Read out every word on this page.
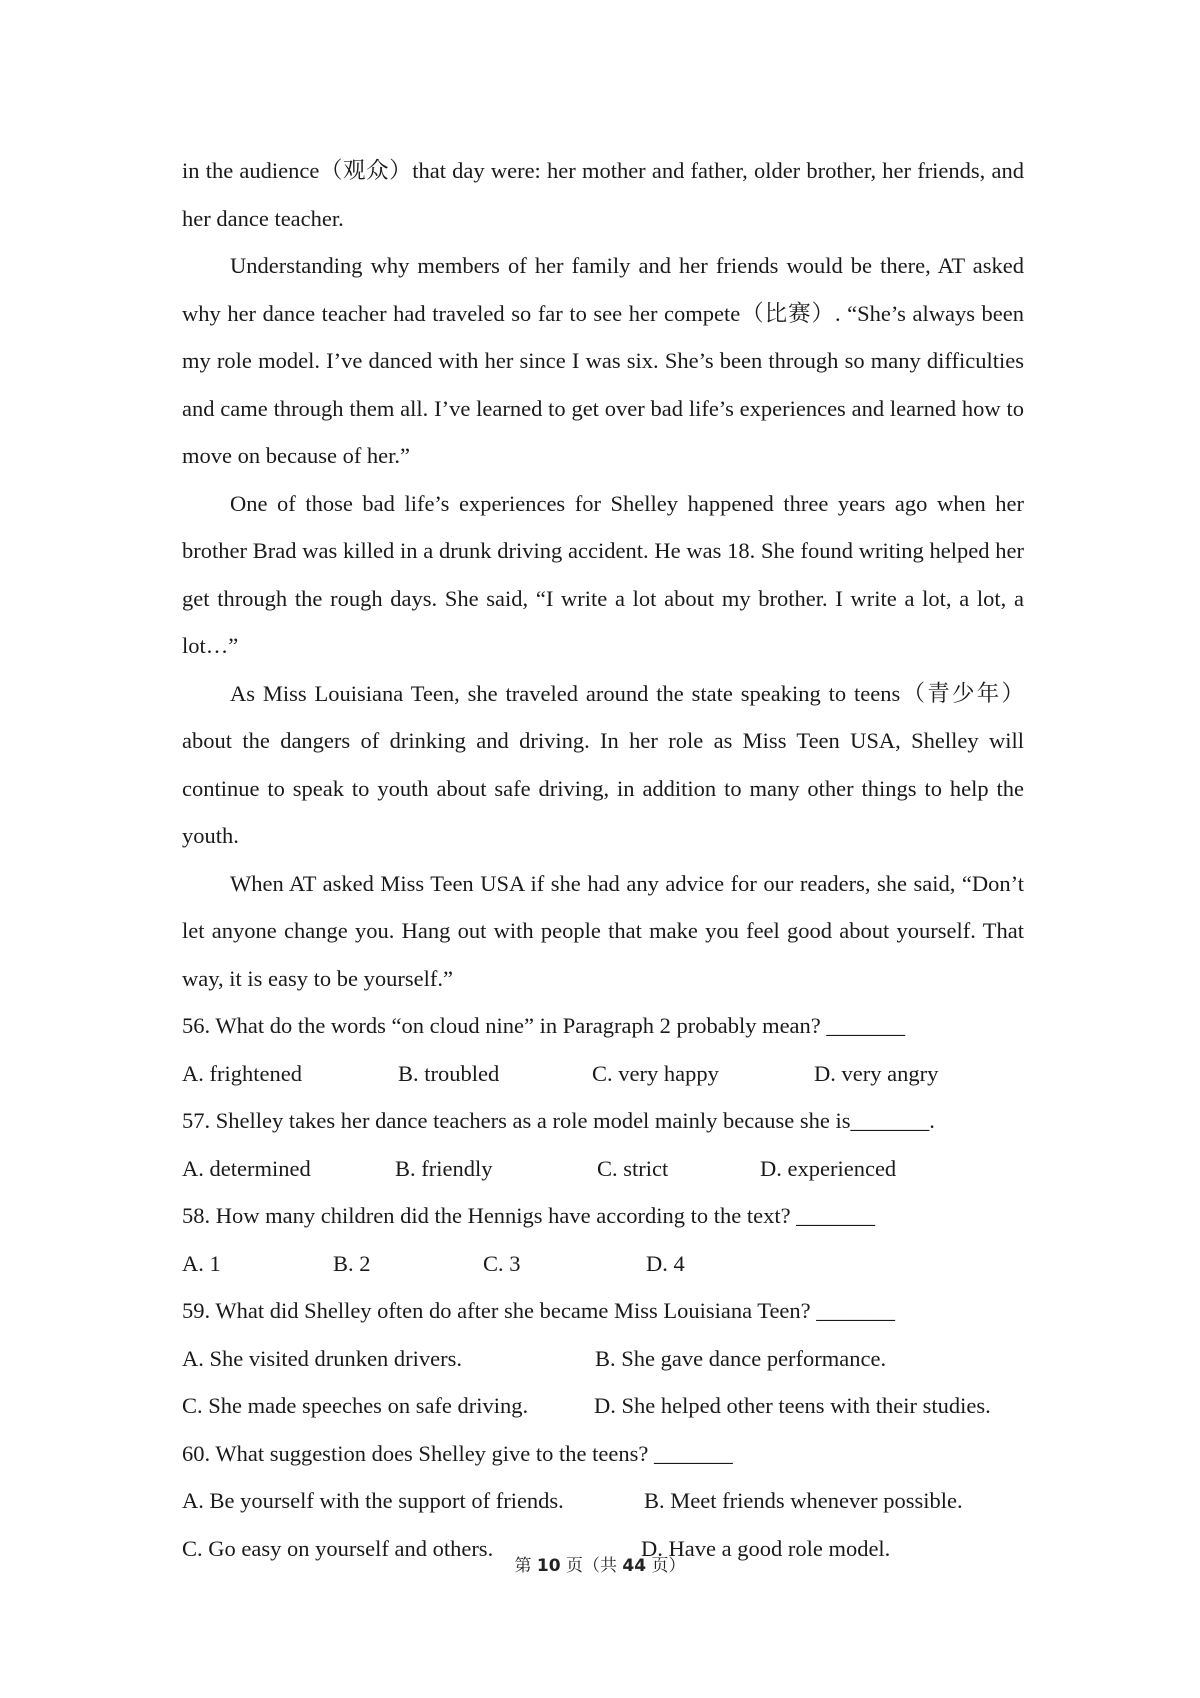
in the audience（观众）that day were: her mother and father, older brother, her friends, and her dance teacher.

Understanding why members of her family and her friends would be there, AT asked why her dance teacher had traveled so far to see her compete（比赛）. “She’s always been my role model. I’ve danced with her since I was six. She’s been through so many difficulties and came through them all. I’ve learned to get over bad life’s experiences and learned how to move on because of her.”

One of those bad life’s experiences for Shelley happened three years ago when her brother Brad was killed in a drunk driving accident. He was 18. She found writing helped her get through the rough days. She said, “I write a lot about my brother. I write a lot, a lot, a lot…”

As Miss Louisiana Teen, she traveled around the state speaking to teens（青少年）about the dangers of drinking and driving. In her role as Miss Teen USA, Shelley will continue to speak to youth about safe driving, in addition to many other things to help the youth.

When AT asked Miss Teen USA if she had any advice for our readers, she said, “Don’t let anyone change you. Hang out with people that make you feel good about yourself. That way, it is easy to be yourself.”

56. What do the words “on cloud nine” in Paragraph 2 probably mean? _______

A. frightened	B. troubled	C. very happy	D. very angry

57. Shelley takes her dance teachers as a role model mainly because she is_______.

A. determined	B. friendly	C. strict	D. experienced

58. How many children did the Hennigs have according to the text? _______

A. 1	B. 2	C. 3	D. 4

59. What did Shelley often do after she became Miss Louisiana Teen? _______

A. She visited drunken drivers.	B. She gave dance performance.
C. She made speeches on safe driving.	D. She helped other teens with their studies.

60. What suggestion does Shelley give to the teens? _______

A. Be yourself with the support of friends.	B. Meet friends whenever possible.
C. Go easy on yourself and others.	D. Have a good role model.
第 10 页（共 44 页）
